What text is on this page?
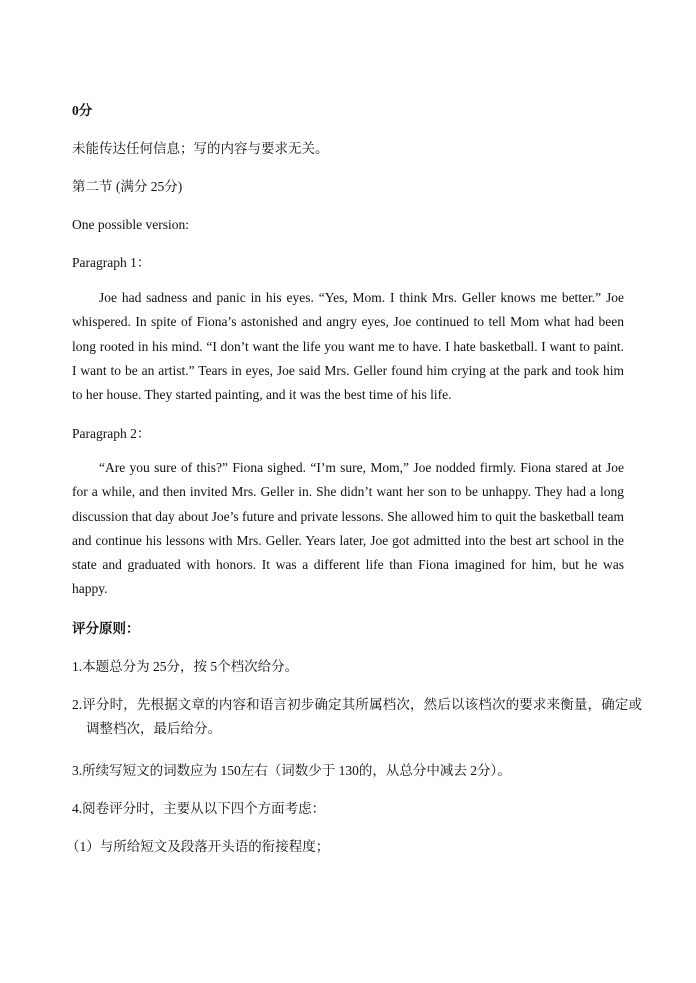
0分
未能传达任何信息；写的内容与要求无关。
第二节 (满分 25分)
One possible version:
Paragraph 1：

Joe had sadness and panic in his eyes. “Yes, Mom. I think Mrs. Geller knows me better.” Joe whispered. In spite of Fiona’s astonished and angry eyes, Joe continued to tell Mom what had been long rooted in his mind. “I don’t want the life you want me to have. I hate basketball. I want to paint. I want to be an artist.” Tears in eyes, Joe said Mrs. Geller found him crying at the park and took him to her house. They started painting, and it was the best time of his life.

Paragraph 2：

“Are you sure of this?” Fiona sighed. “I’m sure, Mom,” Joe nodded firmly. Fiona stared at Joe for a while, and then invited Mrs. Geller in. She didn’t want her son to be unhappy. They had a long discussion that day about Joe’s future and private lessons. She allowed him to quit the basketball team and continue his lessons with Mrs. Geller. Years later, Joe got admitted into the best art school in the state and graduated with honors. It was a different life than Fiona imagined for him, but he was happy.

评分原则：
1.本题总分为 25分，按 5个档次给分。

2.评分时，先根据文章的内容和语言初步确定其所属档次，然后以该档次的要求来衡量，确定或调整档次，最后给分。

3.所续写短文的词数应为 150左右（词数少于 130的，从总分中减去 2分）。
4.阅卷评分时，主要从以下四个方面考虑：
（1）与所给短文及段落开头语的衔接程度；
